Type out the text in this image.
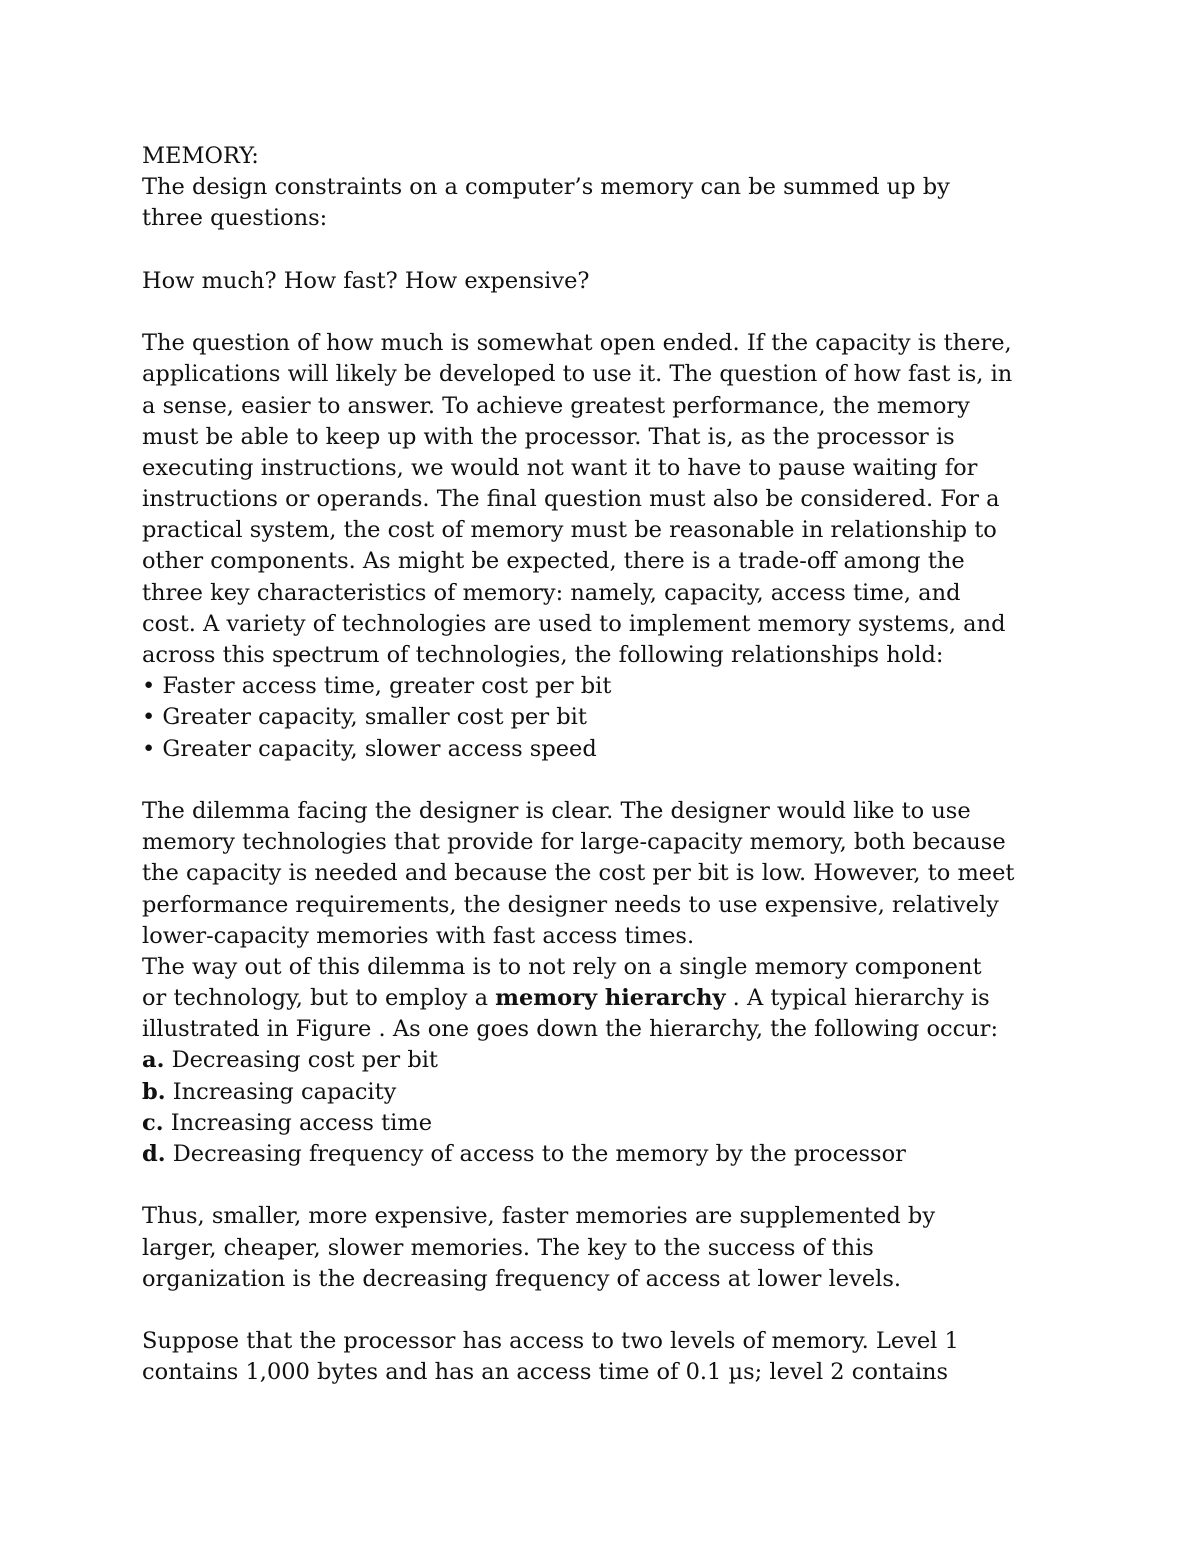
MEMORY:
The design constraints on a computer’s memory can be summed up by
three questions:
How much? How fast? How expensive?
The question of how much is somewhat open ended. If the capacity is there,
applications will likely be developed to use it. The question of how fast is, in
a sense, easier to answer. To achieve greatest performance, the memory
must be able to keep up with the processor. That is, as the processor is
executing instructions, we would not want it to have to pause waiting for
instructions or operands. The final question must also be considered. For a
practical system, the cost of memory must be reasonable in relationship to
other components. As might be expected, there is a trade-off among the
three key characteristics of memory: namely, capacity, access time, and
cost. A variety of technologies are used to implement memory systems, and
across this spectrum of technologies, the following relationships hold:
• Faster access time, greater cost per bit
• Greater capacity, smaller cost per bit
• Greater capacity, slower access speed
The dilemma facing the designer is clear. The designer would like to use
memory technologies that provide for large-capacity memory, both because
the capacity is needed and because the cost per bit is low. However, to meet
performance requirements, the designer needs to use expensive, relatively
lower-capacity memories with fast access times.
The way out of this dilemma is to not rely on a single memory component
or technology, but to employ a memory hierarchy . A typical hierarchy is
illustrated in Figure . As one goes down the hierarchy, the following occur:
a. Decreasing cost per bit
b. Increasing capacity
c. Increasing access time
d. Decreasing frequency of access to the memory by the processor
Thus, smaller, more expensive, faster memories are supplemented by
larger, cheaper, slower memories. The key to the success of this
organization is the decreasing frequency of access at lower levels.
Suppose that the processor has access to two levels of memory. Level 1
contains 1,000 bytes and has an access time of 0.1 µs; level 2 contains
